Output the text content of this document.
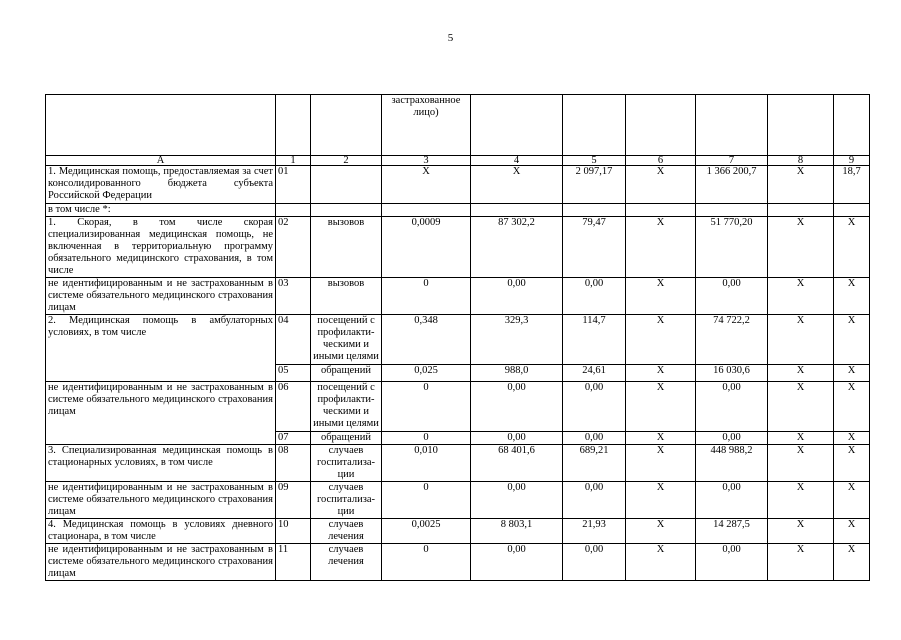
5
			застрахованное лицо)						
А	1	2	3	4	5	6	7	8	9
1. Медицинская помощь, предоставляемая за счет консолидированного бюджета субъекта Российской Федерации	01		Х	Х	2 097,17	Х	1 366 200,7	Х	18,7
в том числе *:									
1. Скорая, в том числе скорая специализированная медицинская помощь, не включенная в территориальную программу обязательного медицинского страхования, в том числе	02	вызовов	0,0009	87 302,2	79,47	Х	51 770,20	Х	Х
не идентифицированным и не застрахованным в системе обязательного медицинского страхования лицам	03	вызовов	0	0,00	0,00	Х	0,00	Х	Х
2. Медицинская помощь в амбулаторных условиях, в том числе	04	посещений с профилакти-ческими и иными целями	0,348	329,3	114,7	Х	74 722,2	Х	Х
	05	обращений	0,025	988,0	24,61	Х	16 030,6	Х	Х
не идентифицированным и не застрахованным в системе обязательного медицинского страхования лицам	06	посещений с профилакти-ческими и иными целями	0	0,00	0,00	Х	0,00	Х	Х
	07	обращений	0	0,00	0,00	Х	0,00	Х	Х
3. Специализированная медицинская помощь в стационарных условиях, в том числе	08	случаев госпитализа-ции	0,010	68 401,6	689,21	Х	448 988,2	Х	Х
не идентифицированным и не застрахованным в системе обязательного медицинского страхования лицам	09	случаев госпитализа-ции	0	0,00	0,00	Х	0,00	Х	Х
4. Медицинская помощь в условиях дневного стационара, в том числе	10	случаев лечения	0,0025	8 803,1	21,93	Х	14 287,5	Х	Х
не идентифицированным и не застрахованным в системе обязательного медицинского страхования лицам	11	случаев лечения	0	0,00	0,00	Х	0,00	Х	Х
